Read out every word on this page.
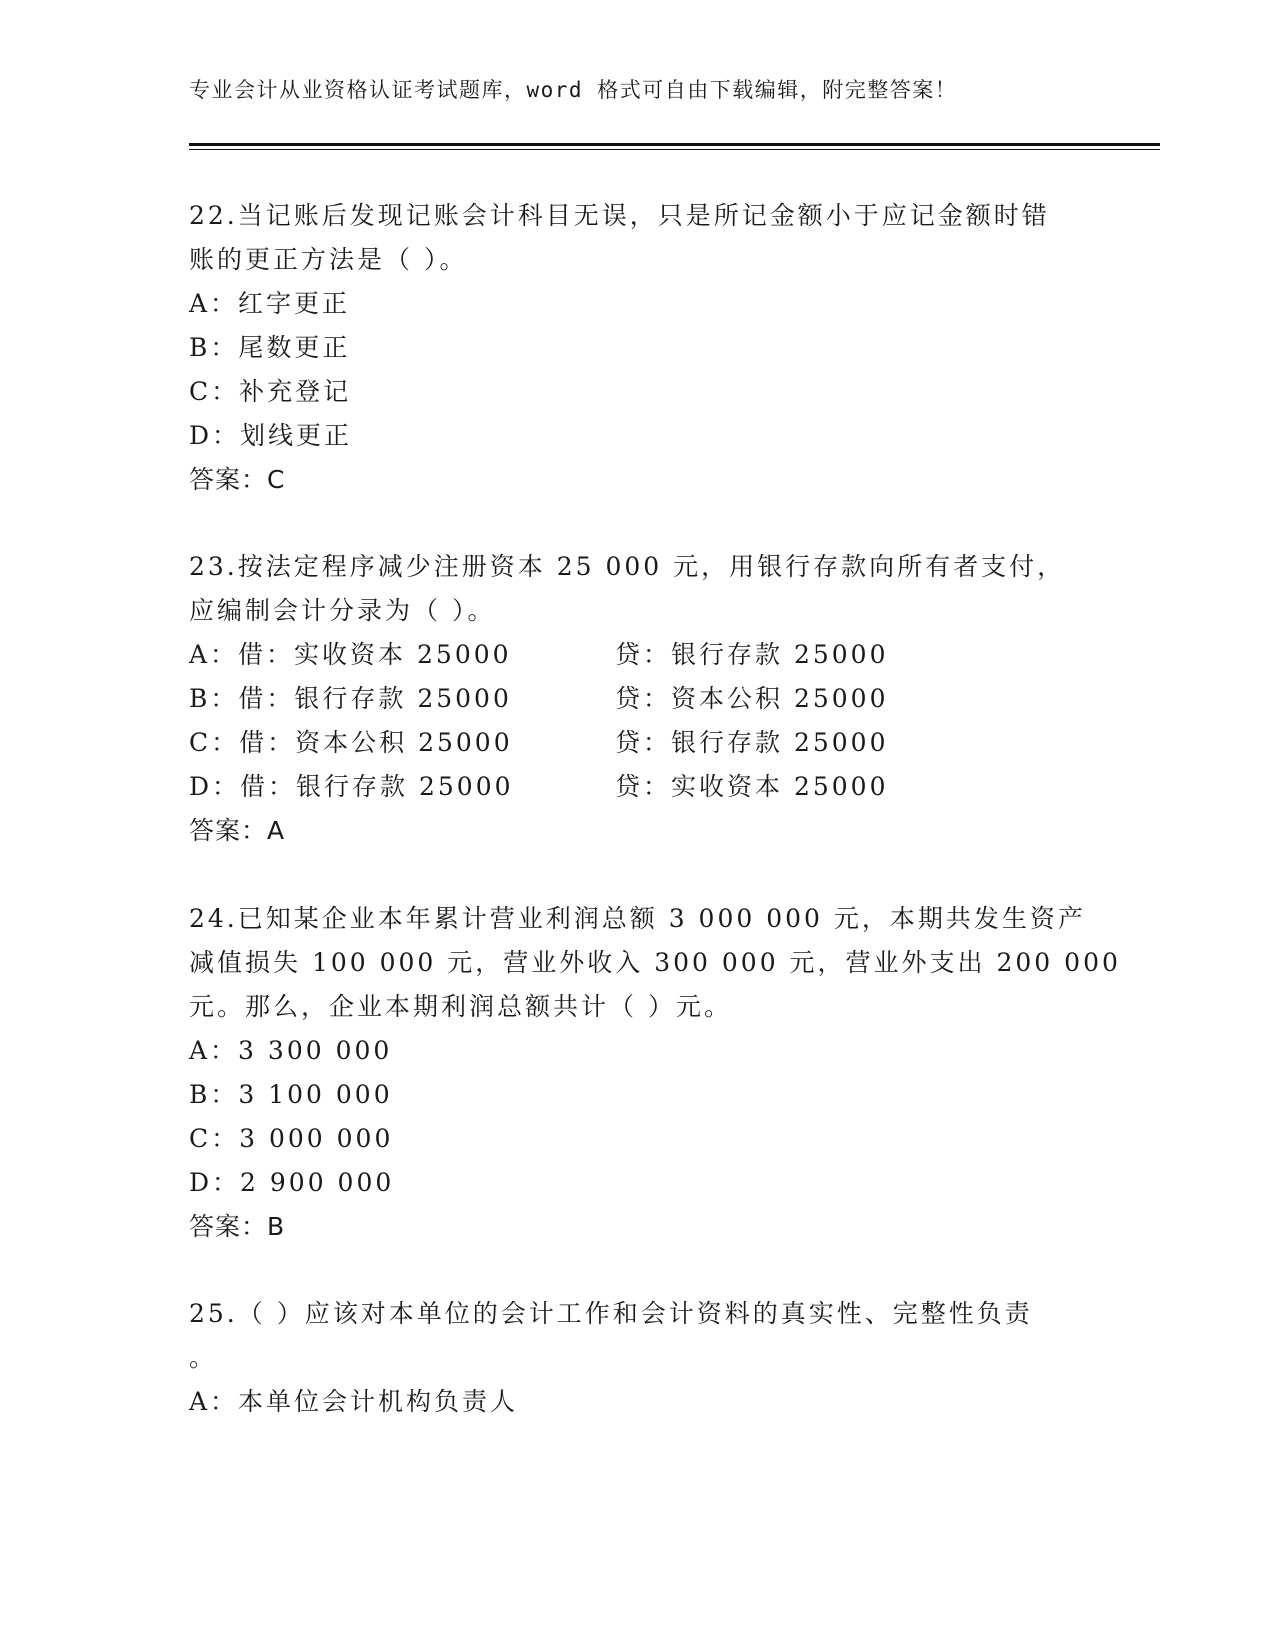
专业会计从业资格认证考试题库，word 格式可自由下载编辑，附完整答案！
22.当记账后发现记账会计科目无误，只是所记金额小于应记金额时错
账的更正方法是（ ）。
A：红字更正
B：尾数更正
C：补充登记
D：划线更正
答案：C
23.按法定程序减少注册资本 25 000 元，用银行存款向所有者支付，
应编制会计分录为（ ）。
A：借：实收资本 25000	贷：银行存款 25000
B：借：银行存款 25000	贷：资本公积 25000
C：借：资本公积 25000	贷：银行存款 25000
D：借：银行存款 25000	贷：实收资本 25000
答案：A
24.已知某企业本年累计营业利润总额 3 000 000 元，本期共发生资产
减值损失 100 000 元，营业外收入 300 000 元，营业外支出 200 000
元。那么，企业本期利润总额共计（ ）元。
A：3 300 000
B：3 100 000
C：3 000 000
D：2 900 000
答案：B
25.（ ）应该对本单位的会计工作和会计资料的真实性、完整性负责
。
A：本单位会计机构负责人
